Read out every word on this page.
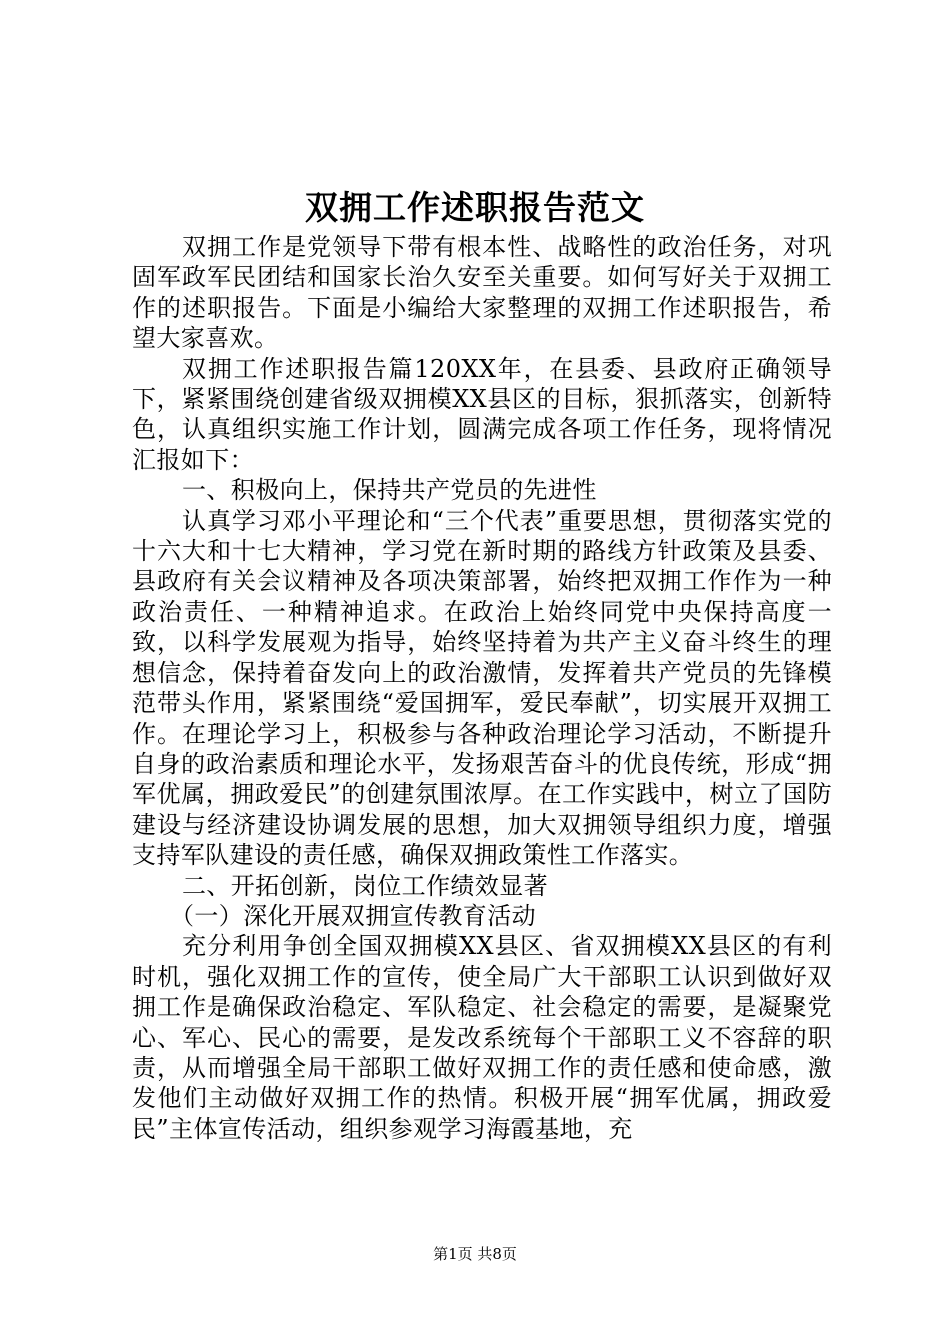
双拥工作述职报告范文

双拥工作是党领导下带有根本性、战略性的政治任务，对巩固军政军民团结和国家长治久安至关重要。如何写好关于双拥工作的述职报告。下面是小编给大家整理的双拥工作述职报告，希望大家喜欢。

双拥工作述职报告篇120XX年，在县委、县政府正确领导下，紧紧围绕创建省级双拥模XX县区的目标，狠抓落实，创新特色，认真组织实施工作计划，圆满完成各项工作任务，现将情况汇报如下：

一、积极向上，保持共产党员的先进性

认真学习邓小平理论和“三个代表”重要思想，贯彻落实党的十六大和十七大精神，学习党在新时期的路线方针政策及县委、县政府有关会议精神及各项决策部署，始终把双拥工作作为一种政治责任、一种精神追求。在政治上始终同党中央保持高度一致，以科学发展观为指导，始终坚持着为共产主义奋斗终生的理想信念，保持着奋发向上的政治激情，发挥着共产党员的先锋模范带头作用，紧紧围绕“爱国拥军，爱民奉献”，切实展开双拥工作。在理论学习上，积极参与各种政治理论学习活动，不断提升自身的政治素质和理论水平，发扬艰苦奋斗的优良传统，形成“拥军优属，拥政爱民”的创建氛围浓厚。在工作实践中，树立了国防建设与经济建设协调发展的思想，加大双拥领导组织力度，增强支持军队建设的责任感，确保双拥政策性工作落实。

二、开拓创新，岗位工作绩效显著

（一）深化开展双拥宣传教育活动

充分利用争创全国双拥模XX县区、省双拥模XX县区的有利时机，强化双拥工作的宣传，使全局广大干部职工认识到做好双拥工作是确保政治稳定、军队稳定、社会稳定的需要，是凝聚党心、军心、民心的需要，是发改系统每个干部职工义不容辞的职责，从而增强全局干部职工做好双拥工作的责任感和使命感，激发他们主动做好双拥工作的热情。积极开展“拥军优属，拥政爱民”主体宣传活动，组织参观学习海霞基地，充

第1页 共8页
